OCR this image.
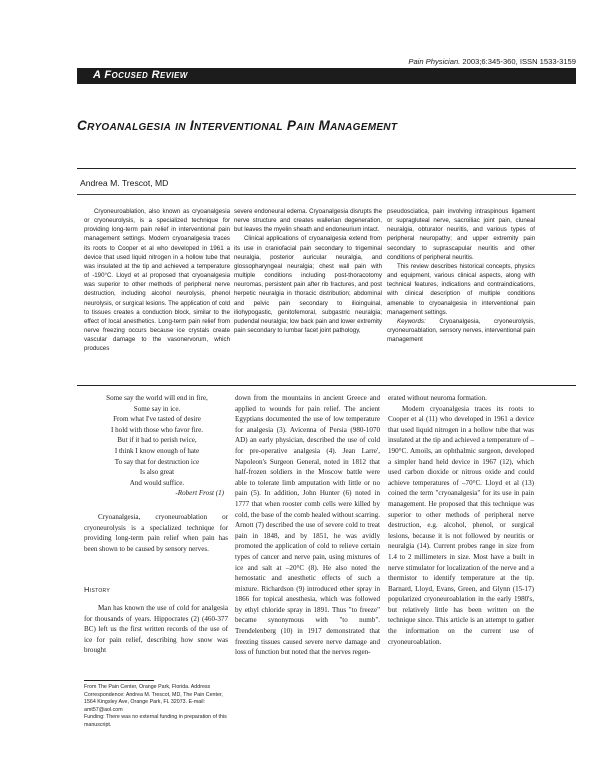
Pain Physician. 2003;6:345-360, ISSN 1533-3159
A Focused Review
Cryoanalgesia in Interventional Pain Management
Andrea M. Trescot, MD

Cryoneuroablation, also known as cryoanalgesia or cryoneurolysis, is a specialized technique for providing long-term pain relief in interventional pain management settings. Modern cryoanalgesia traces its roots to Cooper et al who developed in 1961 a device that used liquid nitrogen in a hollow tube that was insulated at the tip and achieved a temperature of -190°C. Lloyd et al proposed that cryoanalgesia was superior to other methods of peripheral nerve destruction, including alcohol neurolysis, phenol neurolysis, or surgical lesions. The application of cold to tissues creates a conduction block, similar to the effect of local anesthetics. Long-term pain relief from nerve freezing occurs because ice crystals create vascular damage to the vasonervorum, which produces

severe endoneural edema. Cryoanalgesia disrupts the nerve structure and creates wallerian degeneration, but leaves the myelin sheath and endoneurium intact.

Clinical applications of cryoanalgesia extend from its use in craniofacial pain secondary to trigeminal neuralgia, posterior auricular neuralgia, and glossopharyngeal neuralgia; chest wall pain with multiple conditions including post-thoracotomy neuromas, persistent pain after rib fractures, and post herpetic neuralgia in thoracic distribution; abdominal and pelvic pain secondary to ilioinguinal, iliohypogastic, genitofemoral, subgastric neuralgia; pudendal neuralgia; low back pain and lower extremity pain secondary to lumbar facet joint pathology,

pseudosciatica, pain involving intraspinous ligament or supragluteal nerve, sacroiliac joint pain, cluneal neuralgia, obturator neuritis, and various types of peripheral neuropathy; and upper extremity pain secondary to suprascapular neuritis and other conditions of peripheral neuritis.

This review describes historical concepts, physics and equipment, various clinical aspects, along with technical features, indications and contraindications, with clinical description of multiple conditions amenable to cryoanalgesia in interventional pain management settings.

Keywords: Cryoanalgesia, cryoneurolysis, cryoneuroablation, sensory nerves, interventional pain management

Some say the world will end in fire,
Some say in ice.
From what I've tasted of desire
I hold with those who favor fire.
But if it had to perish twice,
I think I know enough of hate
To say that for destruction ice
Is also great
And would suffice.
-Robert Frost (1)

Cryoanalgesia, cryoneuroablation or cryoneurolysis is a specialized technique for providing long-term pain relief when pain has been shown to be caused by sensory nerves.

History

Man has known the use of cold for analgesia for thousands of years. Hippocrates (2) (460-377 BC) left us the first written records of the use of ice for pain relief, describing how snow was brought

From The Pain Center, Orange Park, Florida. Address Correspondence: Andrea M. Trescot, MD, The Pain Center, 1564 Kingsley Ave, Orange Park, FL 32073. E-mail: amt57@aol.com

Funding: There was no external funding in preparation of this manuscript.

down from the mountains in ancient Greece and applied to wounds for pain relief. The ancient Egyptians documented the use of low temperature for analgesia (3). Avicenna of Persia (980-1070 AD) an early physician, described the use of cold for pre-operative analgesia (4). Jean Larre', Napoleon's Surgeon General, noted in 1812 that half-frozen soldiers in the Moscow battle were able to tolerate limb amputation with little or no pain (5). In addition, John Hunter (6) noted in 1777 that when rooster comb cells were killed by cold, the base of the comb healed without scarring. Arnott (7) described the use of severe cold to treat pain in 1848, and by 1851, he was avidly promoted the application of cold to relieve certain types of cancer and nerve pain, using mixtures of ice and salt at –20°C (8). He also noted the hemostatic and anesthetic effects of such a mixture. Richardson (9) introduced ether spray in 1866 for topical anesthesia, which was followed by ethyl chloride spray in 1891. Thus "to freeze" became synonymous with "to numb". Trendelenberg (10) in 1917 demonstrated that freezing tissues caused severe nerve damage and loss of function but noted that the nerves regen-

erated without neuroma formation.

Modern cryoanalgesia traces its roots to Cooper et al (11) who developed in 1961 a device that used liquid nitrogen in a hollow tube that was insulated at the tip and achieved a temperature of –190°C. Amoils, an ophthalmic surgeon, developed a simpler hand held device in 1967 (12), which used carbon dioxide or nitrous oxide and could achieve temperatures of –70°C. Lloyd et al (13) coined the term "cryoanalgesia" for its use in pain management. He proposed that this technique was superior to other methods of peripheral nerve destruction, e.g. alcohol, phenol, or surgical lesions, because it is not followed by neuritis or neuralgia (14). Current probes range in size from 1.4 to 2 millimeters in size. Most have a built in nerve stimulator for localization of the nerve and a thermistor to identify temperature at the tip. Barnard, Lloyd, Evans, Green, and Glynn (15-17) popularized cryoneuroablation in the early 1980's, but relatively little has been written on the technique since. This article is an attempt to gather the information on the current use of cryoneuroablation.
